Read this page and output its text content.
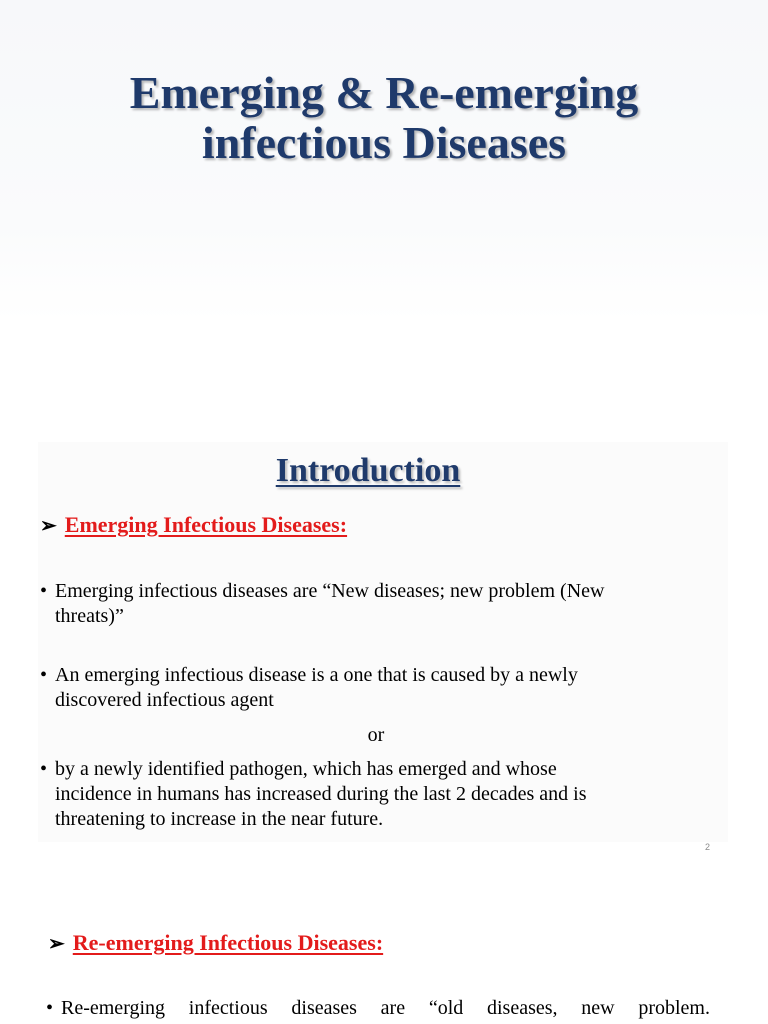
Emerging & Re-emerging
infectious Diseases
Introduction
➢ Emerging Infectious Diseases:
• Emerging infectious diseases are “New diseases; new problem (New
threats)”
• An emerging infectious disease is a one that is caused by a newly
discovered infectious agent
or
• by a newly identified pathogen, which has emerged and whose
incidence in humans has increased during the last 2 decades and is
threatening to increase in the near future.
2
➢ Re-emerging Infectious Diseases:
• Re-emerging infectious diseases are “old diseases, new problem.
